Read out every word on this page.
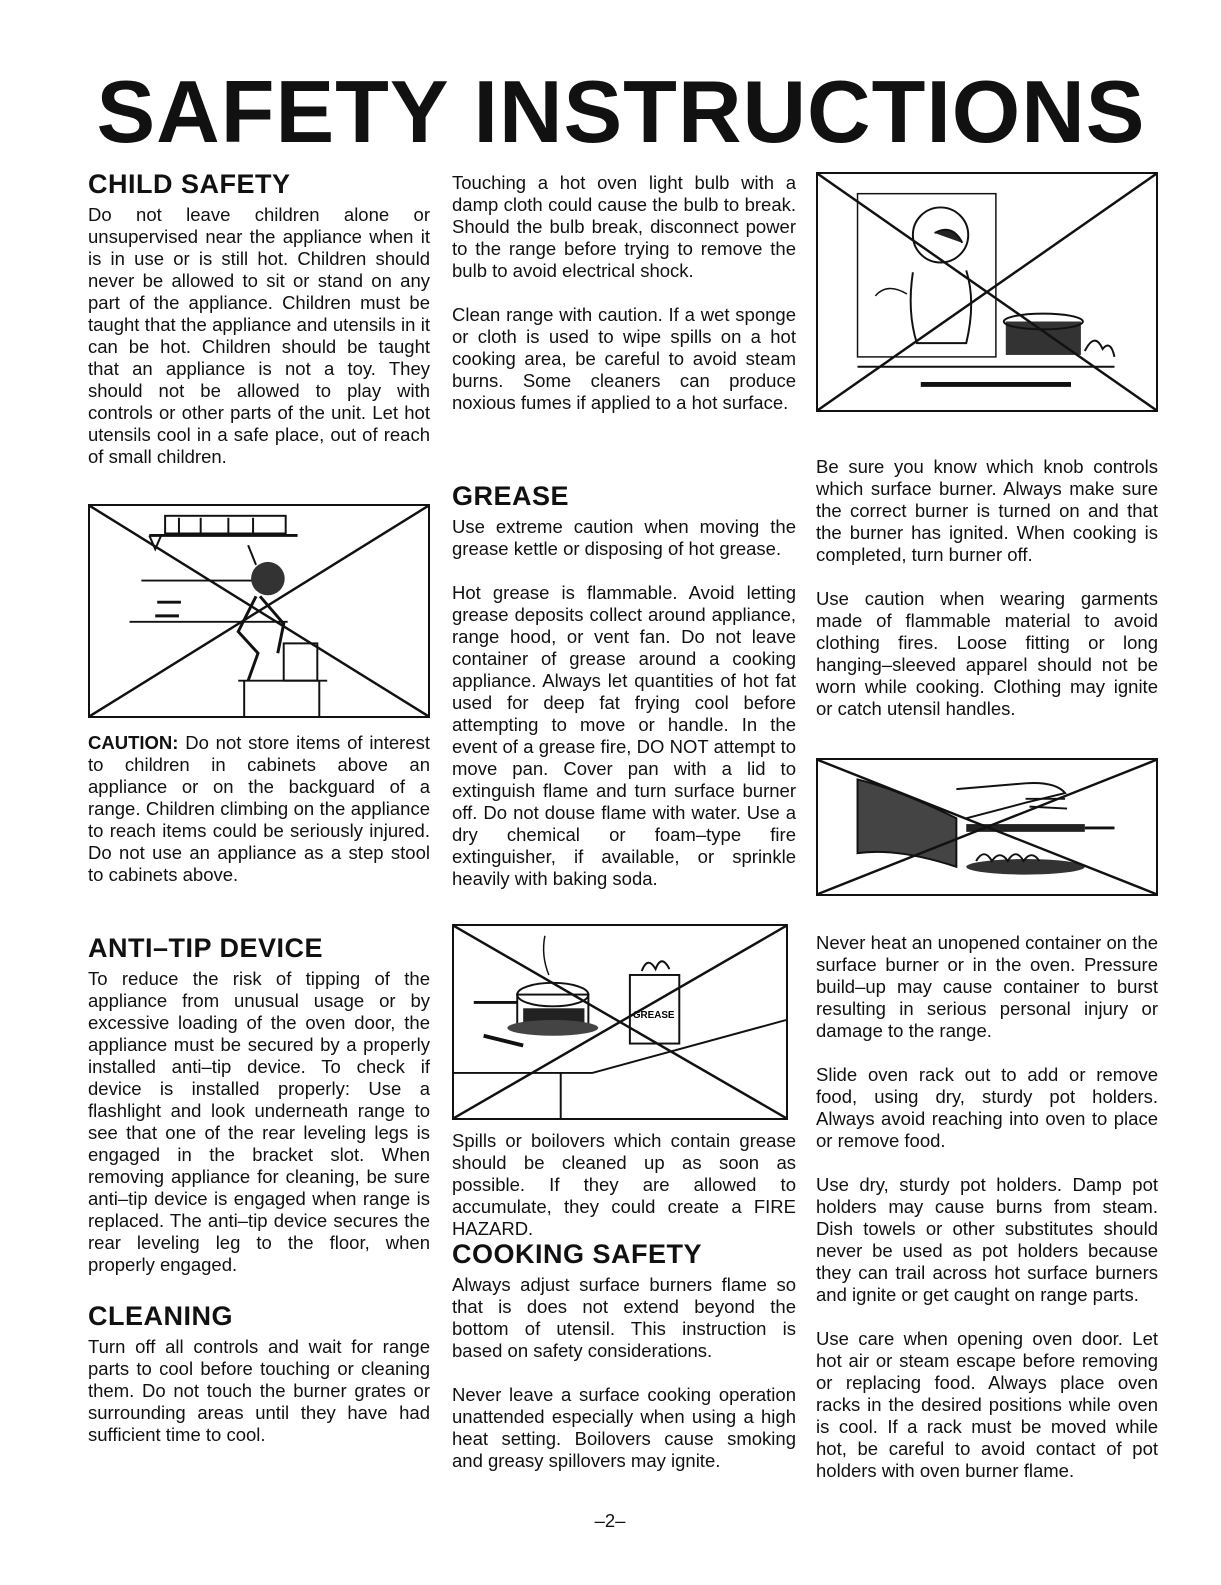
SAFETY INSTRUCTIONS
CHILD SAFETY

Do not leave children alone or unsupervised near the appliance when it is in use or is still hot. Children should never be allowed to sit or stand on any part of the appliance. Children must be taught that the appliance and utensils in it can be hot. Children should be taught that an appliance is not a toy. They should not be allowed to play with controls or other parts of the unit. Let hot utensils cool in a safe place, out of reach of small children.

CAUTION: Do not store items of interest to children in cabinets above an appliance or on the backguard of a range. Children climbing on the appliance to reach items could be seriously injured. Do not use an appliance as a step stool to cabinets above.

ANTI–TIP DEVICE

To reduce the risk of tipping of the appliance from unusual usage or by excessive loading of the oven door, the appliance must be secured by a properly installed anti–tip device. To check if device is installed properly: Use a flashlight and look underneath range to see that one of the rear leveling legs is engaged in the bracket slot. When removing appliance for cleaning, be sure anti–tip device is engaged when range is replaced. The anti–tip device secures the rear leveling leg to the floor, when properly engaged.

CLEANING

Turn off all controls and wait for range parts to cool before touching or cleaning them. Do not touch the burner grates or surrounding areas until they have had sufficient time to cool.

Touching a hot oven light bulb with a damp cloth could cause the bulb to break. Should the bulb break, disconnect power to the range before trying to remove the bulb to avoid electrical shock.

Clean range with caution. If a wet sponge or cloth is used to wipe spills on a hot cooking area, be careful to avoid steam burns. Some cleaners can produce noxious fumes if applied to a hot surface.

GREASE

Use extreme caution when moving the grease kettle or disposing of hot grease.

Hot grease is flammable. Avoid letting grease deposits collect around appliance, range hood, or vent fan. Do not leave container of grease around a cooking appliance. Always let quantities of hot fat used for deep fat frying cool before attempting to move or handle. In the event of a grease fire, DO NOT attempt to move pan. Cover pan with a lid to extinguish flame and turn surface burner off. Do not douse flame with water. Use a dry chemical or foam–type fire extinguisher, if available, or sprinkle heavily with baking soda.

GREASE

Spills or boilovers which contain grease should be cleaned up as soon as possible. If they are allowed to accumulate, they could create a FIRE HAZARD.

COOKING SAFETY

Always adjust surface burners flame so that is does not extend beyond the bottom of utensil. This instruction is based on safety considerations.

Never leave a surface cooking operation unattended especially when using a high heat setting. Boilovers cause smoking and greasy spillovers may ignite.

Be sure you know which knob controls which surface burner. Always make sure the correct burner is turned on and that the burner has ignited. When cooking is completed, turn burner off.

Use caution when wearing garments made of flammable material to avoid clothing fires. Loose fitting or long hanging–sleeved apparel should not be worn while cooking. Clothing may ignite or catch utensil handles.

Never heat an unopened container on the surface burner or in the oven. Pressure build–up may cause container to burst resulting in serious personal injury or damage to the range.

Slide oven rack out to add or remove food, using dry, sturdy pot holders. Always avoid reaching into oven to place or remove food.

Use dry, sturdy pot holders. Damp pot holders may cause burns from steam. Dish towels or other substitutes should never be used as pot holders because they can trail across hot surface burners and ignite or get caught on range parts.

Use care when opening oven door. Let hot air or steam escape before removing or replacing food. Always place oven racks in the desired positions while oven is cool. If a rack must be moved while hot, be careful to avoid contact of pot holders with oven burner flame.

–2–
